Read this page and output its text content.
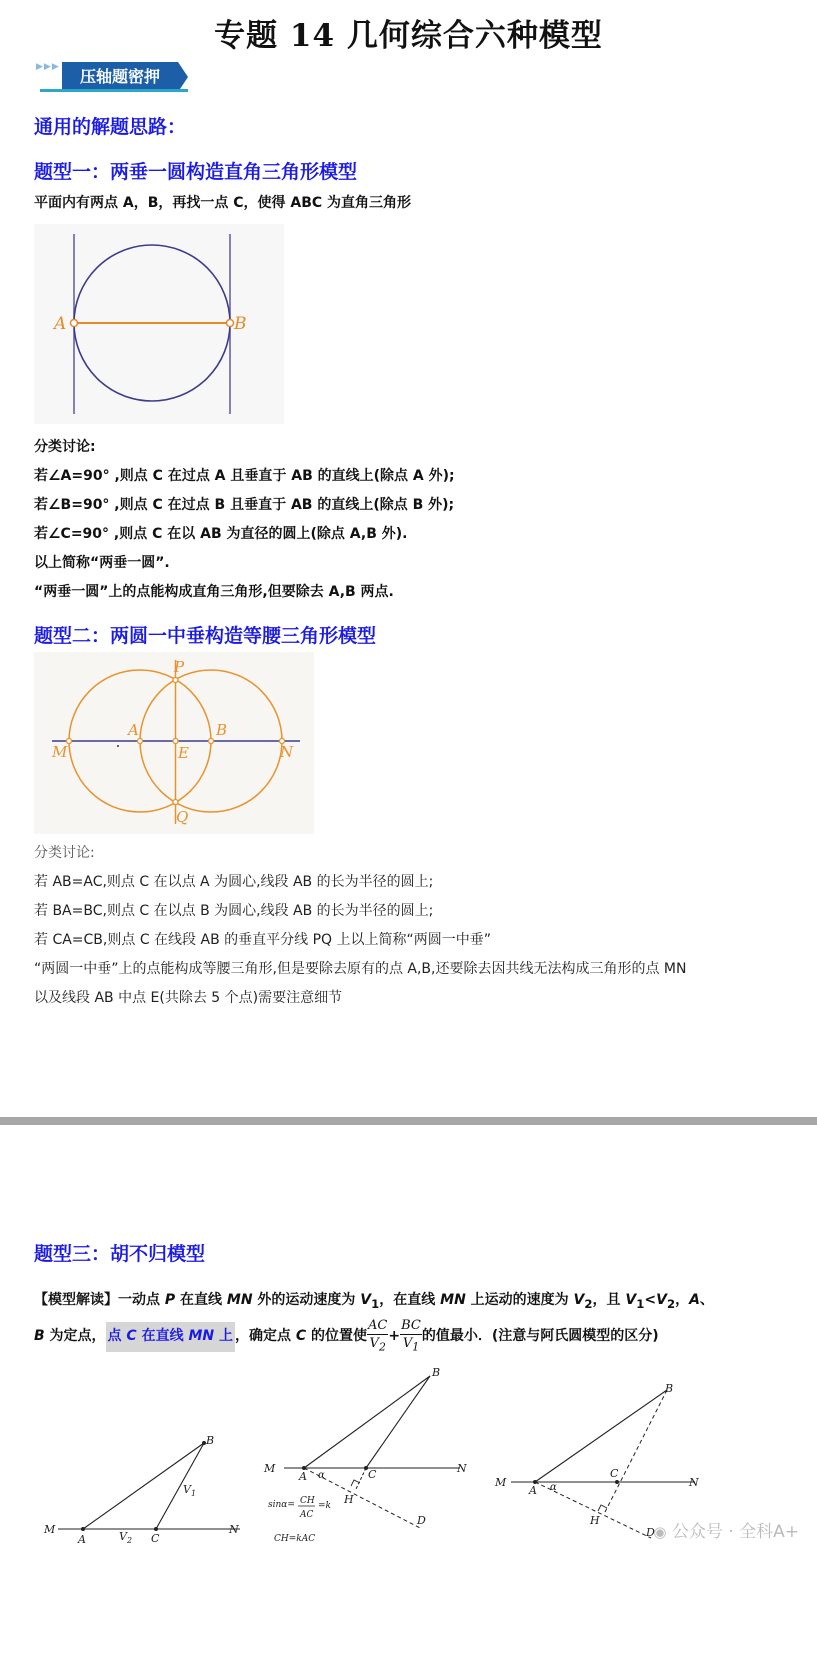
专题 14 几何综合六种模型
▶▶▶	压轴题密押
通用的解题思路：
题型一：两垂一圆构造直角三角形模型
平面内有两点 A，B，再找一点 C，使得 ABC 为直角三角形
A	B
分类讨论:
若∠A=90° ,则点 C 在过点 A 且垂直于 AB 的直线上(除点 A 外);
若∠B=90° ,则点 C 在过点 B 且垂直于 AB 的直线上(除点 B 外);
若∠C=90° ,则点 C 在以 AB 为直径的圆上(除点 A,B 外).
以上简称“两垂一圆”.
“两垂一圆”上的点能构成直角三角形,但要除去 A,B 两点.
题型二：两圆一中垂构造等腰三角形模型
P
A	B
M	E	N
Q
分类讨论:
若 AB=AC,则点 C 在以点 A 为圆心,线段 AB 的长为半径的圆上;
若 BA=BC,则点 C 在以点 B 为圆心,线段 AB 的长为半径的圆上;
若 CA=CB,则点 C 在线段 AB 的垂直平分线 PQ 上以上简称“两圆一中垂”
“两圆一中垂”上的点能构成等腰三角形,但是要除去原有的点 A,B,还要除去因共线无法构成三角形的点 MN
以及线段 AB 中点 E(共除去 5 个点)需要注意细节
题型三：胡不归模型
【模型解读】一动点 P 在直线 MN 外的运动速度为 $V_1$，在直线 MN 上运动的速度为 $V_2$，且 $V_1<V_2$，A、
B 为定点， 点 C 在直线 MN 上 ，确定点 C 的位置使 $\frac{AC}{V_2} + \frac{BC}{V_1}$ 的值最小．(注意与阿氏圆模型的区分)
B
$V_1$
M
A	$V_2$ C
N
B
M
A α	C	N
H
D
sinα= CH
AC
=k
CH=kAC
B
M
A α
C
N
H
D
◉ 公众号 · 全科A+
